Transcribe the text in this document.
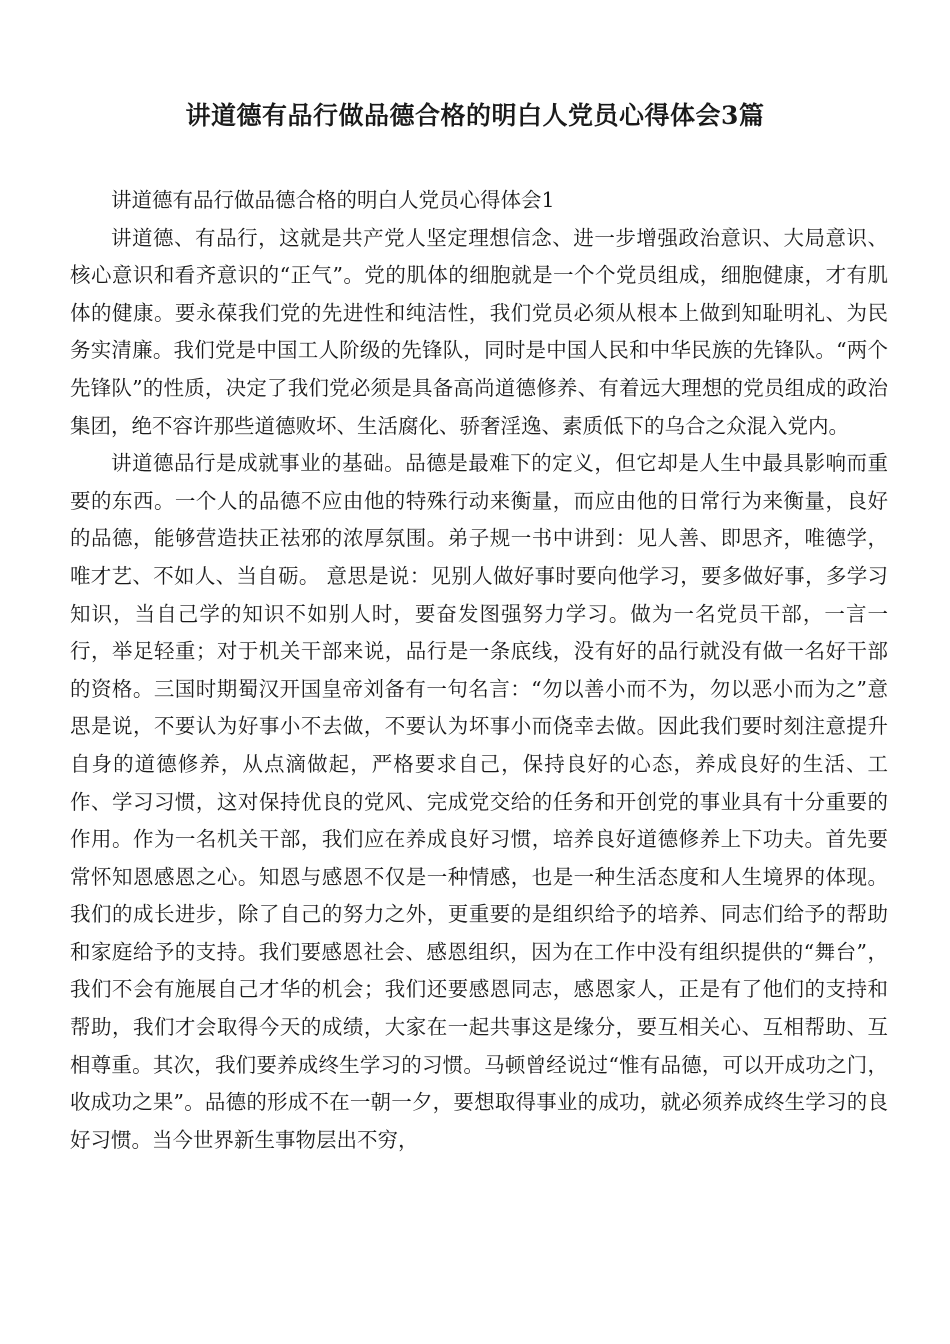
讲道德有品行做品德合格的明白人党员心得体会3篇

讲道德有品行做品德合格的明白人党员心得体会1

讲道德、有品行，这就是共产党人坚定理想信念、进一步增强政治意识、大局意识、核心意识和看齐意识的“正气”。党的肌体的细胞就是一个个党员组成，细胞健康，才有肌体的健康。要永葆我们党的先进性和纯洁性，我们党员必须从根本上做到知耻明礼、为民务实清廉。我们党是中国工人阶级的先锋队，同时是中国人民和中华民族的先锋队。“两个先锋队”的性质，决定了我们党必须是具备高尚道德修养、有着远大理想的党员组成的政治集团，绝不容许那些道德败坏、生活腐化、骄奢淫逸、素质低下的乌合之众混入党内。

讲道德品行是成就事业的基础。品德是最难下的定义，但它却是人生中最具影响而重要的东西。一个人的品德不应由他的特殊行动来衡量，而应由他的日常行为来衡量，良好的品德，能够营造扶正祛邪的浓厚氛围。弟子规一书中讲到：见人善、即思齐，唯德学，唯才艺、不如人、当自砺。 意思是说：见别人做好事时要向他学习，要多做好事，多学习知识，当自己学的知识不如别人时，要奋发图强努力学习。做为一名党员干部，一言一行，举足轻重；对于机关干部来说，品行是一条底线，没有好的品行就没有做一名好干部的资格。三国时期蜀汉开国皇帝刘备有一句名言：“勿以善小而不为，勿以恶小而为之”意思是说，不要认为好事小不去做，不要认为坏事小而侥幸去做。因此我们要时刻注意提升自身的道德修养，从点滴做起，严格要求自己，保持良好的心态，养成良好的生活、工作、学习习惯，这对保持优良的党风、完成党交给的任务和开创党的事业具有十分重要的作用。作为一名机关干部，我们应在养成良好习惯，培养良好道德修养上下功夫。首先要常怀知恩感恩之心。知恩与感恩不仅是一种情感，也是一种生活态度和人生境界的体现。我们的成长进步，除了自己的努力之外，更重要的是组织给予的培养、同志们给予的帮助和家庭给予的支持。我们要感恩社会、感恩组织，因为在工作中没有组织提供的“舞台”，我们不会有施展自己才华的机会；我们还要感恩同志，感恩家人，正是有了他们的支持和帮助，我们才会取得今天的成绩，大家在一起共事这是缘分，要互相关心、互相帮助、互相尊重。其次，我们要养成终生学习的习惯。马顿曾经说过“惟有品德，可以开成功之门，收成功之果”。品德的形成不在一朝一夕，要想取得事业的成功，就必须养成终生学习的良好习惯。当今世界新生事物层出不穷，
